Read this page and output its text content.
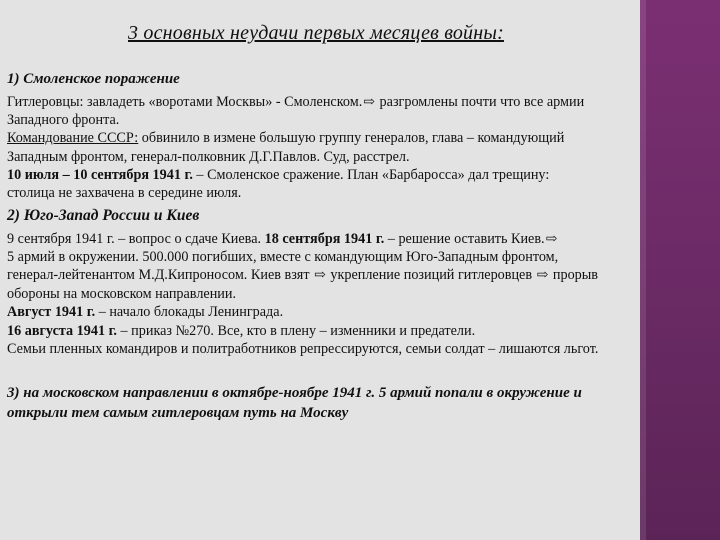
3 основных неудачи первых месяцев войны:
1) Смоленское поражение
Гитлеровцы: завладеть «воротами Москвы» - Смоленском.⇨ разгромлены почти что все армии
Западного фронта.
Командование СССР: обвинило в измене большую группу генералов, глава – командующий
Западным фронтом, генерал-полковник Д.Г.Павлов. Суд, расстрел.
10 июля – 10 сентября 1941 г. – Смоленское сражение. План «Барбаросса» дал трещину:
столица не захвачена в середине июля.
2) Юго-Запад России и Киев
9 сентября 1941 г. – вопрос о сдаче Киева. 18 сентября 1941 г. – решение оставить Киев.⇨
5 армий в окружении. 500.000 погибших, вместе с командующим Юго-Западным фронтом,
генерал-лейтенантом М.Д.Кипроносом. Киев взят ⇨ укрепление позиций гитлеровцев ⇨ прорыв
обороны на московском направлении.
Август 1941 г. – начало блокады Ленинграда.
16 августа 1941 г. – приказ №270. Все, кто в плену – изменники и предатели.
Семьи пленных командиров и политработников репрессируются, семьи солдат – лишаются льгот.
3) на московском направлении в октябре-ноябре 1941 г. 5 армий попали в окружение и
открыли тем самым гитлеровцам путь на Москву
